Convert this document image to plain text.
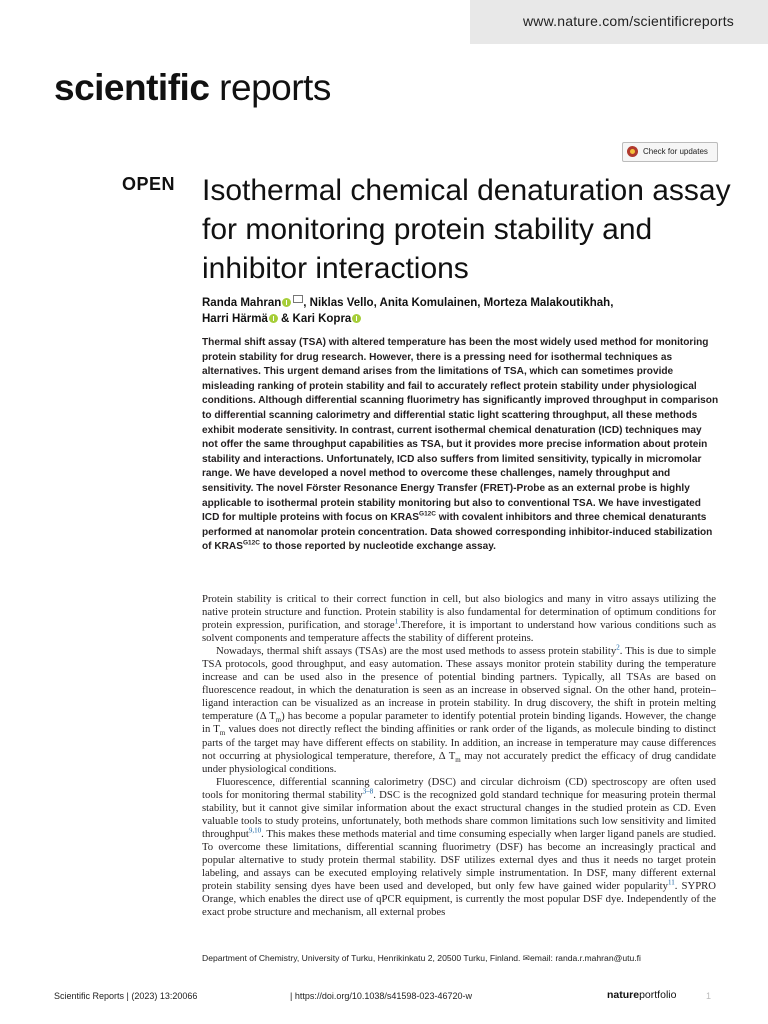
www.nature.com/scientificreports
scientific reports
Check for updates
OPEN Isothermal chemical denaturation assay for monitoring protein stability and inhibitor interactions
Randa Mahran , Niklas Vello, Anita Komulainen, Morteza Malakoutikhah,
Harri Härmä & Kari Kopra

Thermal shift assay (TSA) with altered temperature has been the most widely used method for monitoring protein stability for drug research. However, there is a pressing need for isothermal techniques as alternatives. This urgent demand arises from the limitations of TSA, which can sometimes provide misleading ranking of protein stability and fail to accurately reflect protein stability under physiological conditions. Although differential scanning fluorimetry has significantly improved throughput in comparison to differential scanning calorimetry and differential static light scattering throughput, all these methods exhibit moderate sensitivity. In contrast, current isothermal chemical denaturation (ICD) techniques may not offer the same throughput capabilities as TSA, but it provides more precise information about protein stability and interactions. Unfortunately, ICD also suffers from limited sensitivity, typically in micromolar range. We have developed a novel method to overcome these challenges, namely throughput and sensitivity. The novel Förster Resonance Energy Transfer (FRET)-Probe as an external probe is highly applicable to isothermal protein stability monitoring but also to conventional TSA. We have investigated ICD for multiple proteins with focus on $KRAS^{G12C}$ with covalent inhibitors and three chemical denaturants performed at nanomolar protein concentration. Data showed corresponding inhibitor-induced stabilization of $KRAS^{G12C}$ to those reported by nucleotide exchange assay.

Protein stability is critical to their correct function in cell, but also biologics and many in vitro assays utilizing the native protein structure and function. Protein stability is also fundamental for determination of optimum conditions for protein expression, purification, and storage$^1$.Therefore, it is important to understand how various conditions such as solvent components and temperature affects the stability of different proteins.

Nowadays, thermal shift assays (TSAs) are the most used methods to assess protein stability$^2$. This is due to simple TSA protocols, good throughput, and easy automation. These assays monitor protein stability during the temperature increase and can be used also in the presence of potential binding partners. Typically, all TSAs are based on fluorescence readout, in which the denaturation is seen as an increase in observed signal. On the other hand, protein–ligand interaction can be visualized as an increase in protein stability. In drug discovery, the shift in protein melting temperature (Δ $T_m$) has become a popular parameter to identify potential protein binding ligands. However, the change in $T_m$ values does not directly reflect the binding affinities or rank order of the ligands, as molecule binding to distinct parts of the target may have different effects on stability. In addition, an increase in temperature may cause differences not occurring at physiological temperature, therefore, Δ $T_m$ may not accurately predict the efficacy of drug candidate under physiological conditions.

Fluorescence, differential scanning calorimetry (DSC) and circular dichroism (CD) spectroscopy are often used tools for monitoring thermal stability$^{3-8}$. DSC is the recognized gold standard technique for measuring protein thermal stability, but it cannot give similar information about the exact structural changes in the studied protein as CD. Even valuable tools to study proteins, unfortunately, both methods share common limitations such low sensitivity and limited throughput$^{9,10}$. This makes these methods material and time consuming especially when larger ligand panels are studied. To overcome these limitations, differential scanning fluorimetry (DSF) has become an increasingly practical and popular alternative to study protein thermal stability. DSF utilizes external dyes and thus it needs no target protein labeling, and assays can be executed employing relatively simple instrumentation. In DSF, many different external protein stability sensing dyes have been used and developed, but only few have gained wider popularity$^{11}$. SYPRO Orange, which enables the direct use of qPCR equipment, is currently the most popular DSF dye. Independently of the exact probe structure and mechanism, all external probes

Department of Chemistry, University of Turku, Henrikinkatu 2, 20500 Turku, Finland. ✉email: randa.r.mahran@utu.fi
Scientific Reports | (2023) 13:20066	| https://doi.org/10.1038/s41598-023-46720-w	natureportfolio	1
